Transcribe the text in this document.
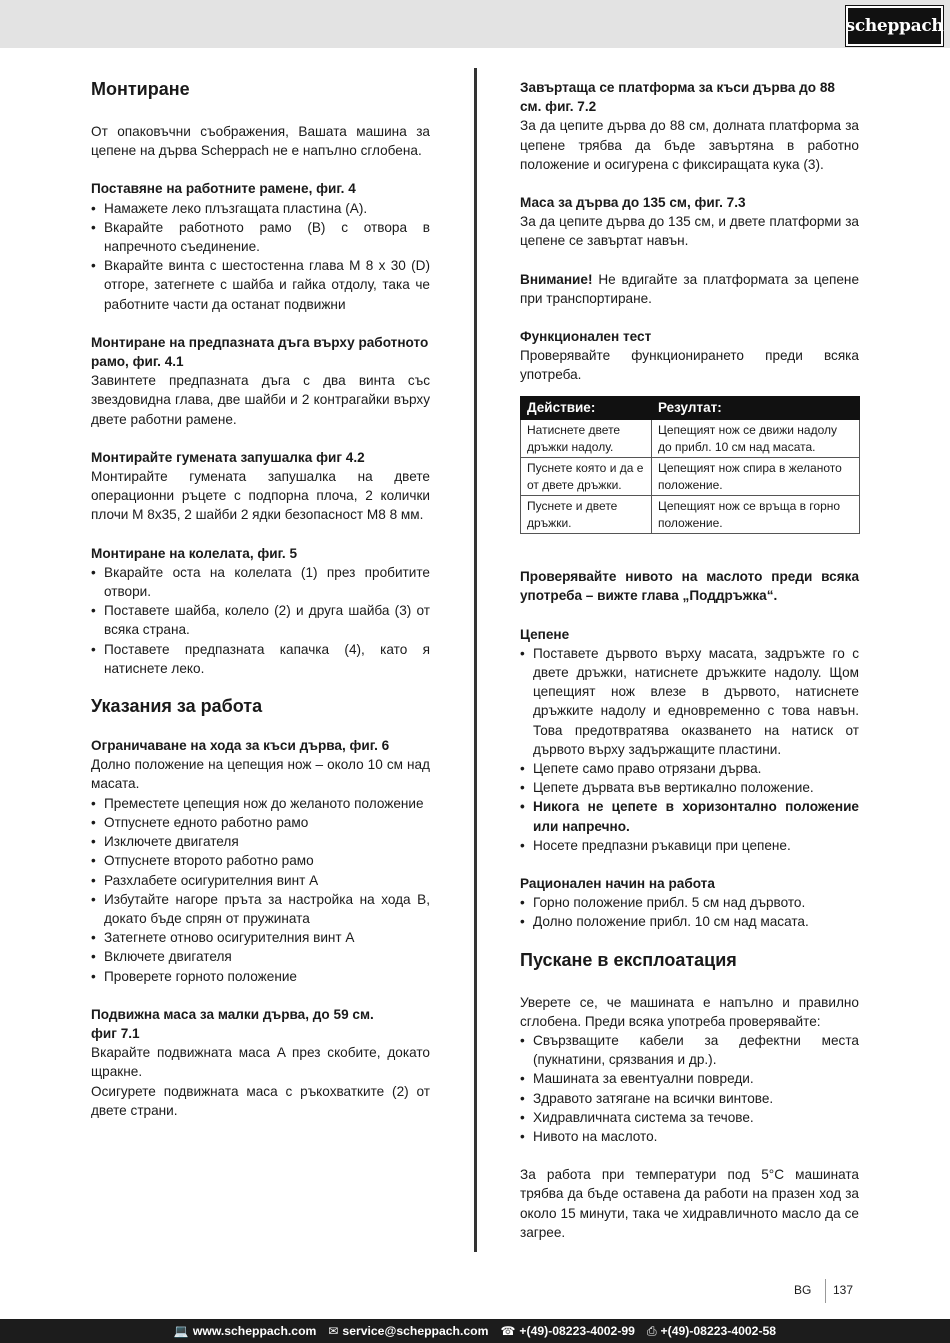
scheppach
Монтиране

От опаковъчни съображения, Вашата машина за цепене на дърва Scheppach не е напълно сглобена.

Поставяне на работните рамене, фиг. 4
• Намажете леко плъзгащата пластина (A).
• Вкарайте работното рамо (B) с отвора в напречното съединение.
• Вкарайте винта с шестостенна глава M 8 x 30 (D) отгоре, затегнете с шайба и гайка отдолу, така че работните части да останат подвижни
Монтиране на предпазната дъга върху работното рамо, фиг. 4.1

Завинтете предпазната дъга с два винта със звездовидна глава, две шайби и 2 контрагайки върху двете работни рамене.

Монтирайте гумената запушалка фиг 4.2

Монтирайте гумената запушалка на двете операционни ръцете с подпорна плоча, 2 колички плочи М 8х35, 2 шайби 2 ядки безопасност М8 8 мм.

Монтиране на колелата, фиг. 5
• Вкарайте оста на колелата (1) през пробитите отвори.
• Поставете шайба, колело (2) и друга шайба (3) от всяка страна.
• Поставете предпазната капачка (4), като я натиснете леко.
Указания за работа
Ограничаване на хода за къси дърва, фиг. 6

Долно положение на цепещия нож – около 10 см над масата.

• Преместете цепещия нож до желаното положение
• Отпуснете едното работно рамо
• Изключете двигателя
• Отпуснете второто работно рамо
• Разхлабете осигурителния винт A
• Избутайте нагоре пръта за настройка на хода B, докато бъде спрян от пружината
• Затегнете отново осигурителния винт A
• Включете двигателя
• Проверете горното положение
Подвижна маса за малки дърва, до 59 см. фиг 7.1

Вкарайте подвижната маса A през скобите, докато щракне.

Осигурете подвижната маса с ръкохватките (2) от двете страни.

Завъртаща се платформа за къси дърва до 88 см. фиг. 7.2

За да цепите дърва до 88 см, долната платформа за цепене трябва да бъде завъртяна в работно положение и осигурена с фиксиращата кука (3).

Маса за дърва до 135 см, фиг. 7.3

За да цепите дърва до 135 см, и двете платформи за цепене се завъртат навън.

Внимание! Не вдигайте за платформата за цепене при транспортиране.

Функционален тест

Проверявайте функционирането преди всяка употреба.

Действие:	Резултат:
Натиснете двете дръжки надолу.	Цепещият нож се движи надолу до прибл. 10 см над масата.
Пуснете която и да е от двете дръжки.	Цепещият нож спира в желаното положение.
Пуснете и двете дръжки.	Цепещият нож се връща в горно положение.
Проверявайте нивото на маслото преди всяка употреба – вижте глава „Поддръжка“.
Цепене
• Поставете дървото върху масата, задръжте го с двете дръжки, натиснете дръжките надолу. Щом цепещият нож влезе в дървото, натиснете дръжките надолу и едновременно с това навън. Това предотвратява оказването на натиск от дървото върху задържащите пластини.
• Цепете само право отрязани дърва.
• Цепете дървата във вертикално положение.
• Никога не цепете в хоризонтално положение или напречно.
• Носете предпазни ръкавици при цепене.
Рационален начин на работа
• Горно положение прибл. 5 см над дървото.
• Долно положение прибл. 10 см над масата.
Пускане в експлоатация

Уверете се, че машината е напълно и правилно сглобена. Преди всяка употреба проверявайте:

• Свързващите кабели за дефектни места (пукнатини, срязвания и др.).
• Машината за евентуални повреди.
• Здравото затягане на всички винтове.
• Хидравличната система за течове.
• Нивото на маслото.

За работа при температури под 5°C машината трябва да бъде оставена да работи на празен ход за около 15 минути, така че хидравличното масло да се загрее.

BG 137
💻 www.scheppach.com ✉ service@scheppach.com ☎ +(49)-08223-4002-99 ⎙ +(49)-08223-4002-58
